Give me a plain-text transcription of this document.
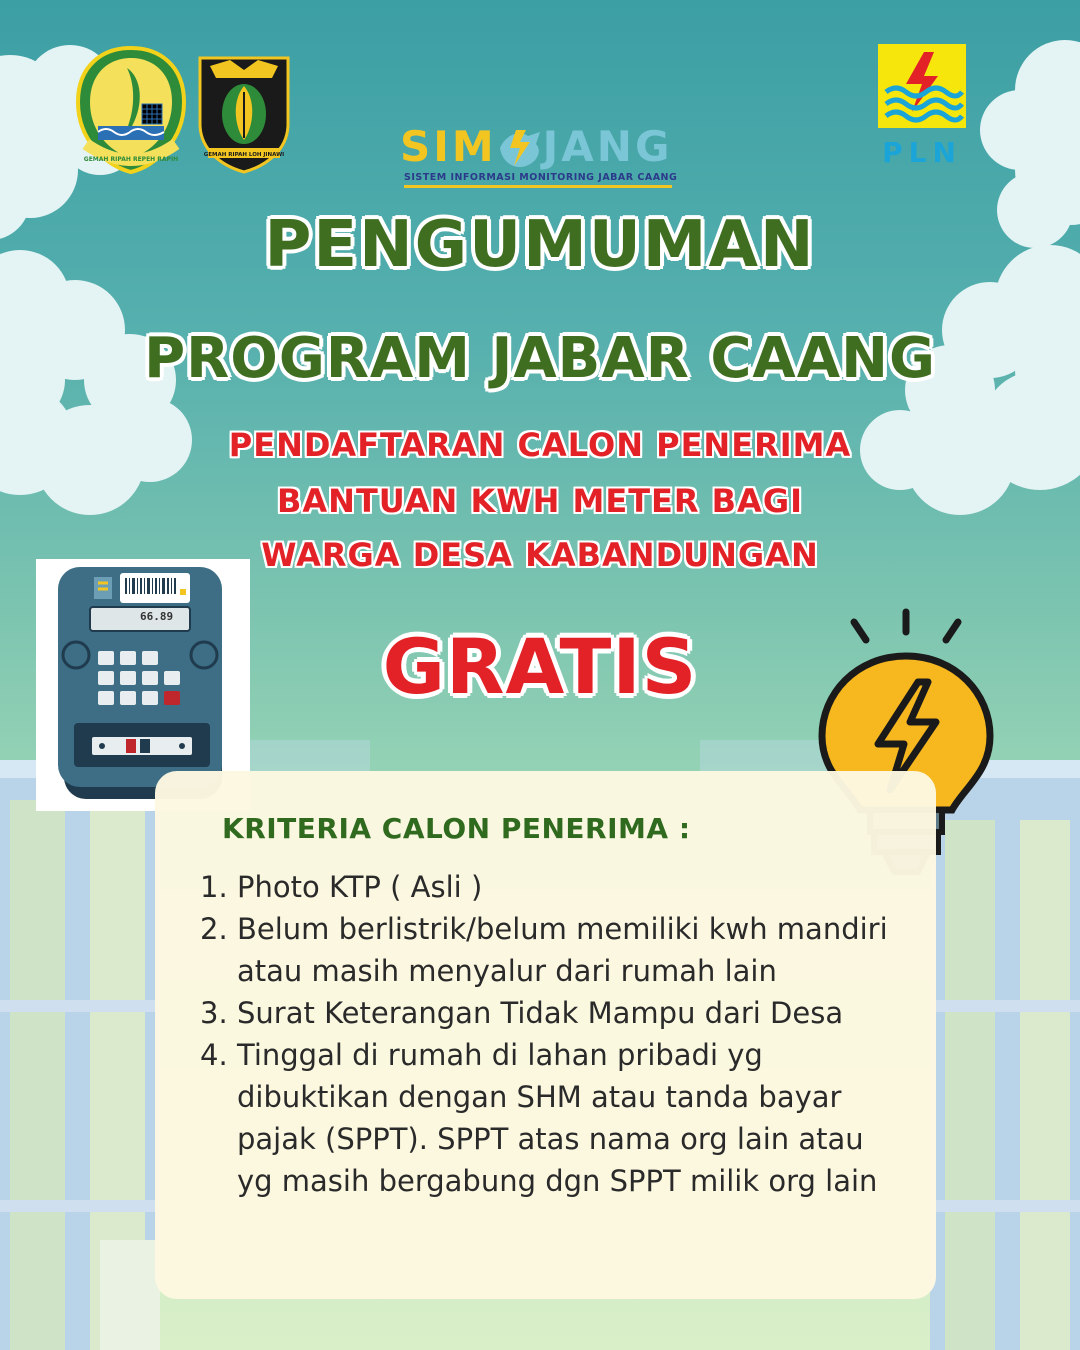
GEMAH RIPAH REPEH RAPIH
GEMAH RIPAH LOH JINAWI	PLN
SIM JANG
SISTEM INFORMASI MONITORING JABAR CAANG
PENGUMUMAN
PROGRAM JABAR CAANG
PENDAFTARAN CALON PENERIMA
BANTUAN KWH METER BAGI
WARGA DESA KABANDUNGAN
GRATIS
66.89
KRITERIA CALON PENERIMA :
1. Photo KTP ( Asli )
2. Belum berlistrik/belum memiliki kwh mandiri
atau masih menyalur dari rumah lain
3. Surat Keterangan Tidak Mampu dari Desa
4. Tinggal di rumah di lahan pribadi yg
dibuktikan dengan SHM atau tanda bayar
pajak (SPPT). SPPT atas nama org lain atau
yg masih bergabung dgn SPPT milik org lain
